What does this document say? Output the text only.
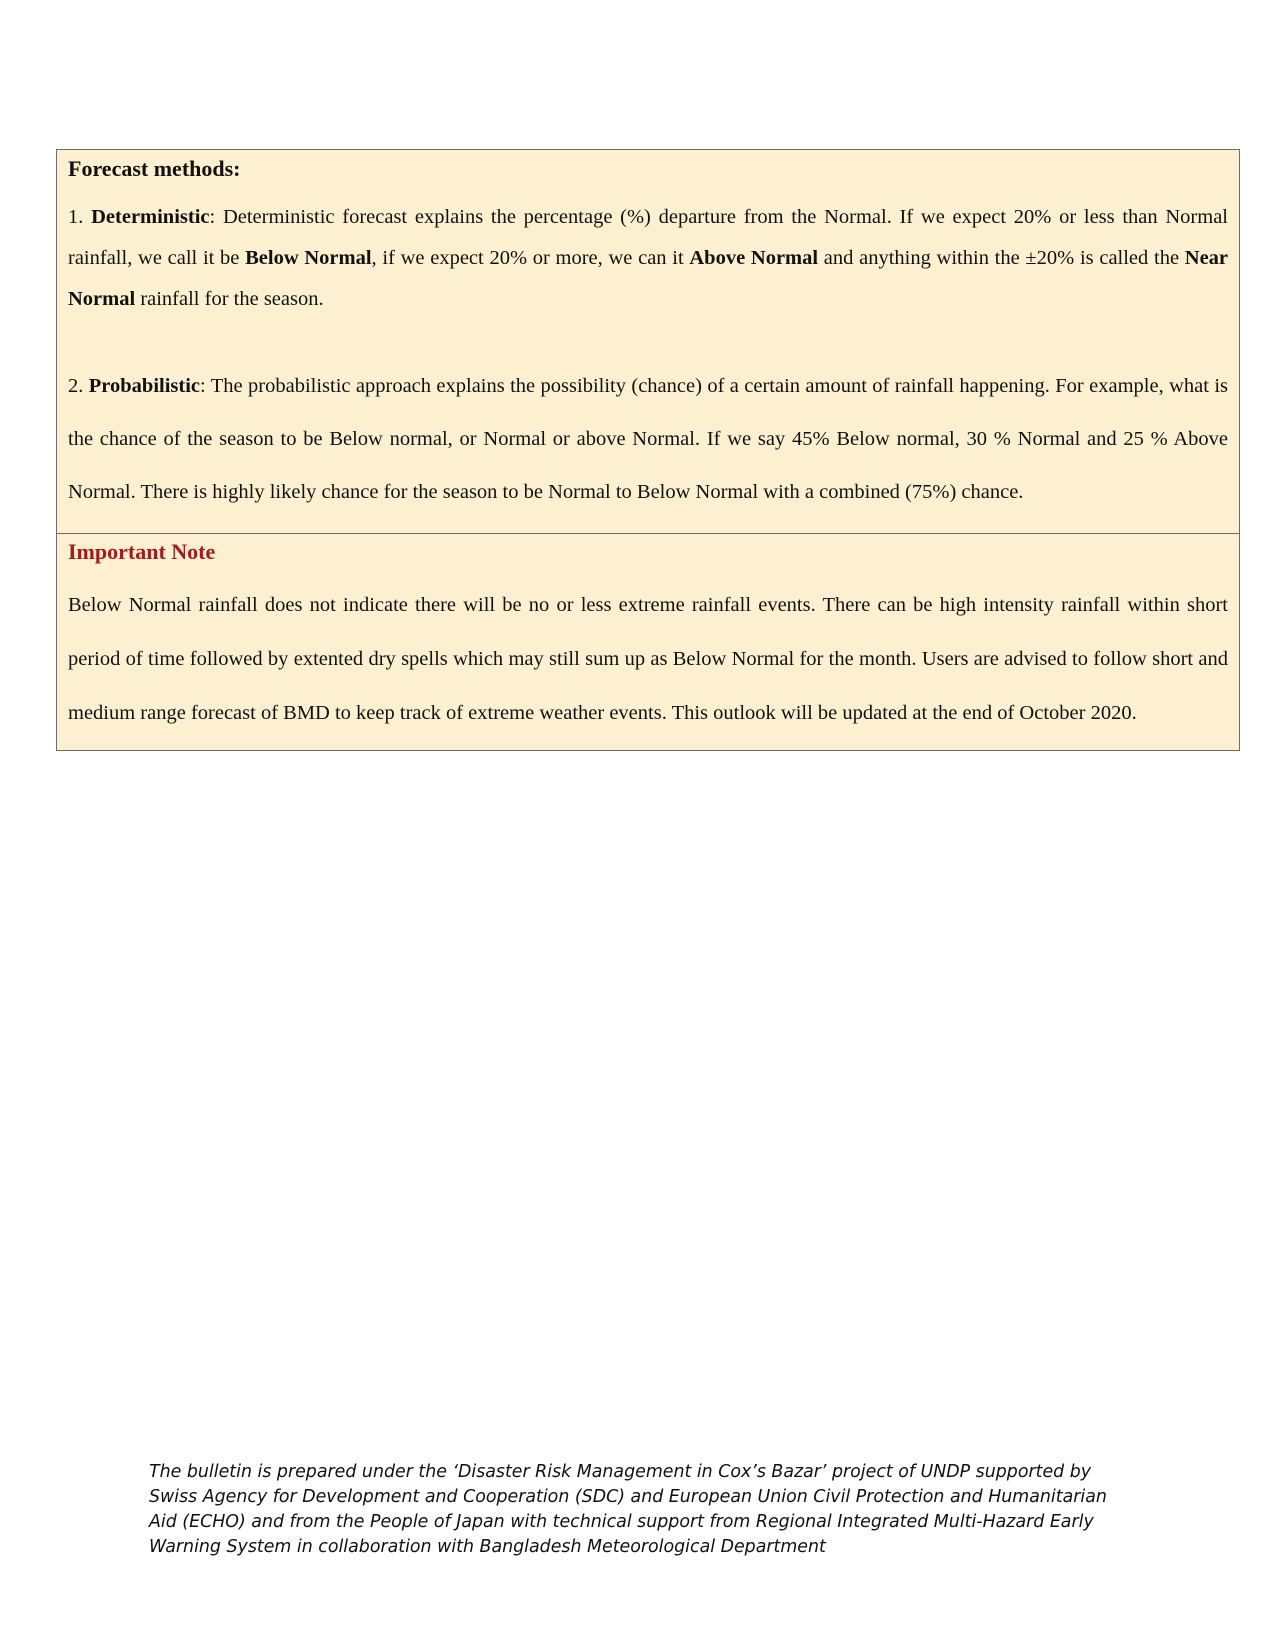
Forecast methods:

1. Deterministic: Deterministic forecast explains the percentage (%) departure from the Normal. If we expect 20% or less than Normal rainfall, we call it be Below Normal, if we expect 20% or more, we can it Above Normal and anything within the ±20% is called the Near Normal rainfall for the season.

2. Probabilistic: The probabilistic approach explains the possibility (chance) of a certain amount of rainfall happening. For example, what is the chance of the season to be Below normal, or Normal or above Normal. If we say 45% Below normal, 30 % Normal and 25 % Above Normal. There is highly likely chance for the season to be Normal to Below Normal with a combined (75%) chance.

Important Note

Below Normal rainfall does not indicate there will be no or less extreme rainfall events. There can be high intensity rainfall within short period of time followed by extented dry spells which may still sum up as Below Normal for the month. Users are advised to follow short and medium range forecast of BMD to keep track of extreme weather events. This outlook will be updated at the end of October 2020.

The bulletin is prepared under the ‘Disaster Risk Management in Cox’s Bazar’ project of UNDP supported by Swiss Agency for Development and Cooperation (SDC) and European Union Civil Protection and Humanitarian Aid (ECHO) and from the People of Japan with technical support from Regional Integrated Multi-Hazard Early Warning System in collaboration with Bangladesh Meteorological Department
